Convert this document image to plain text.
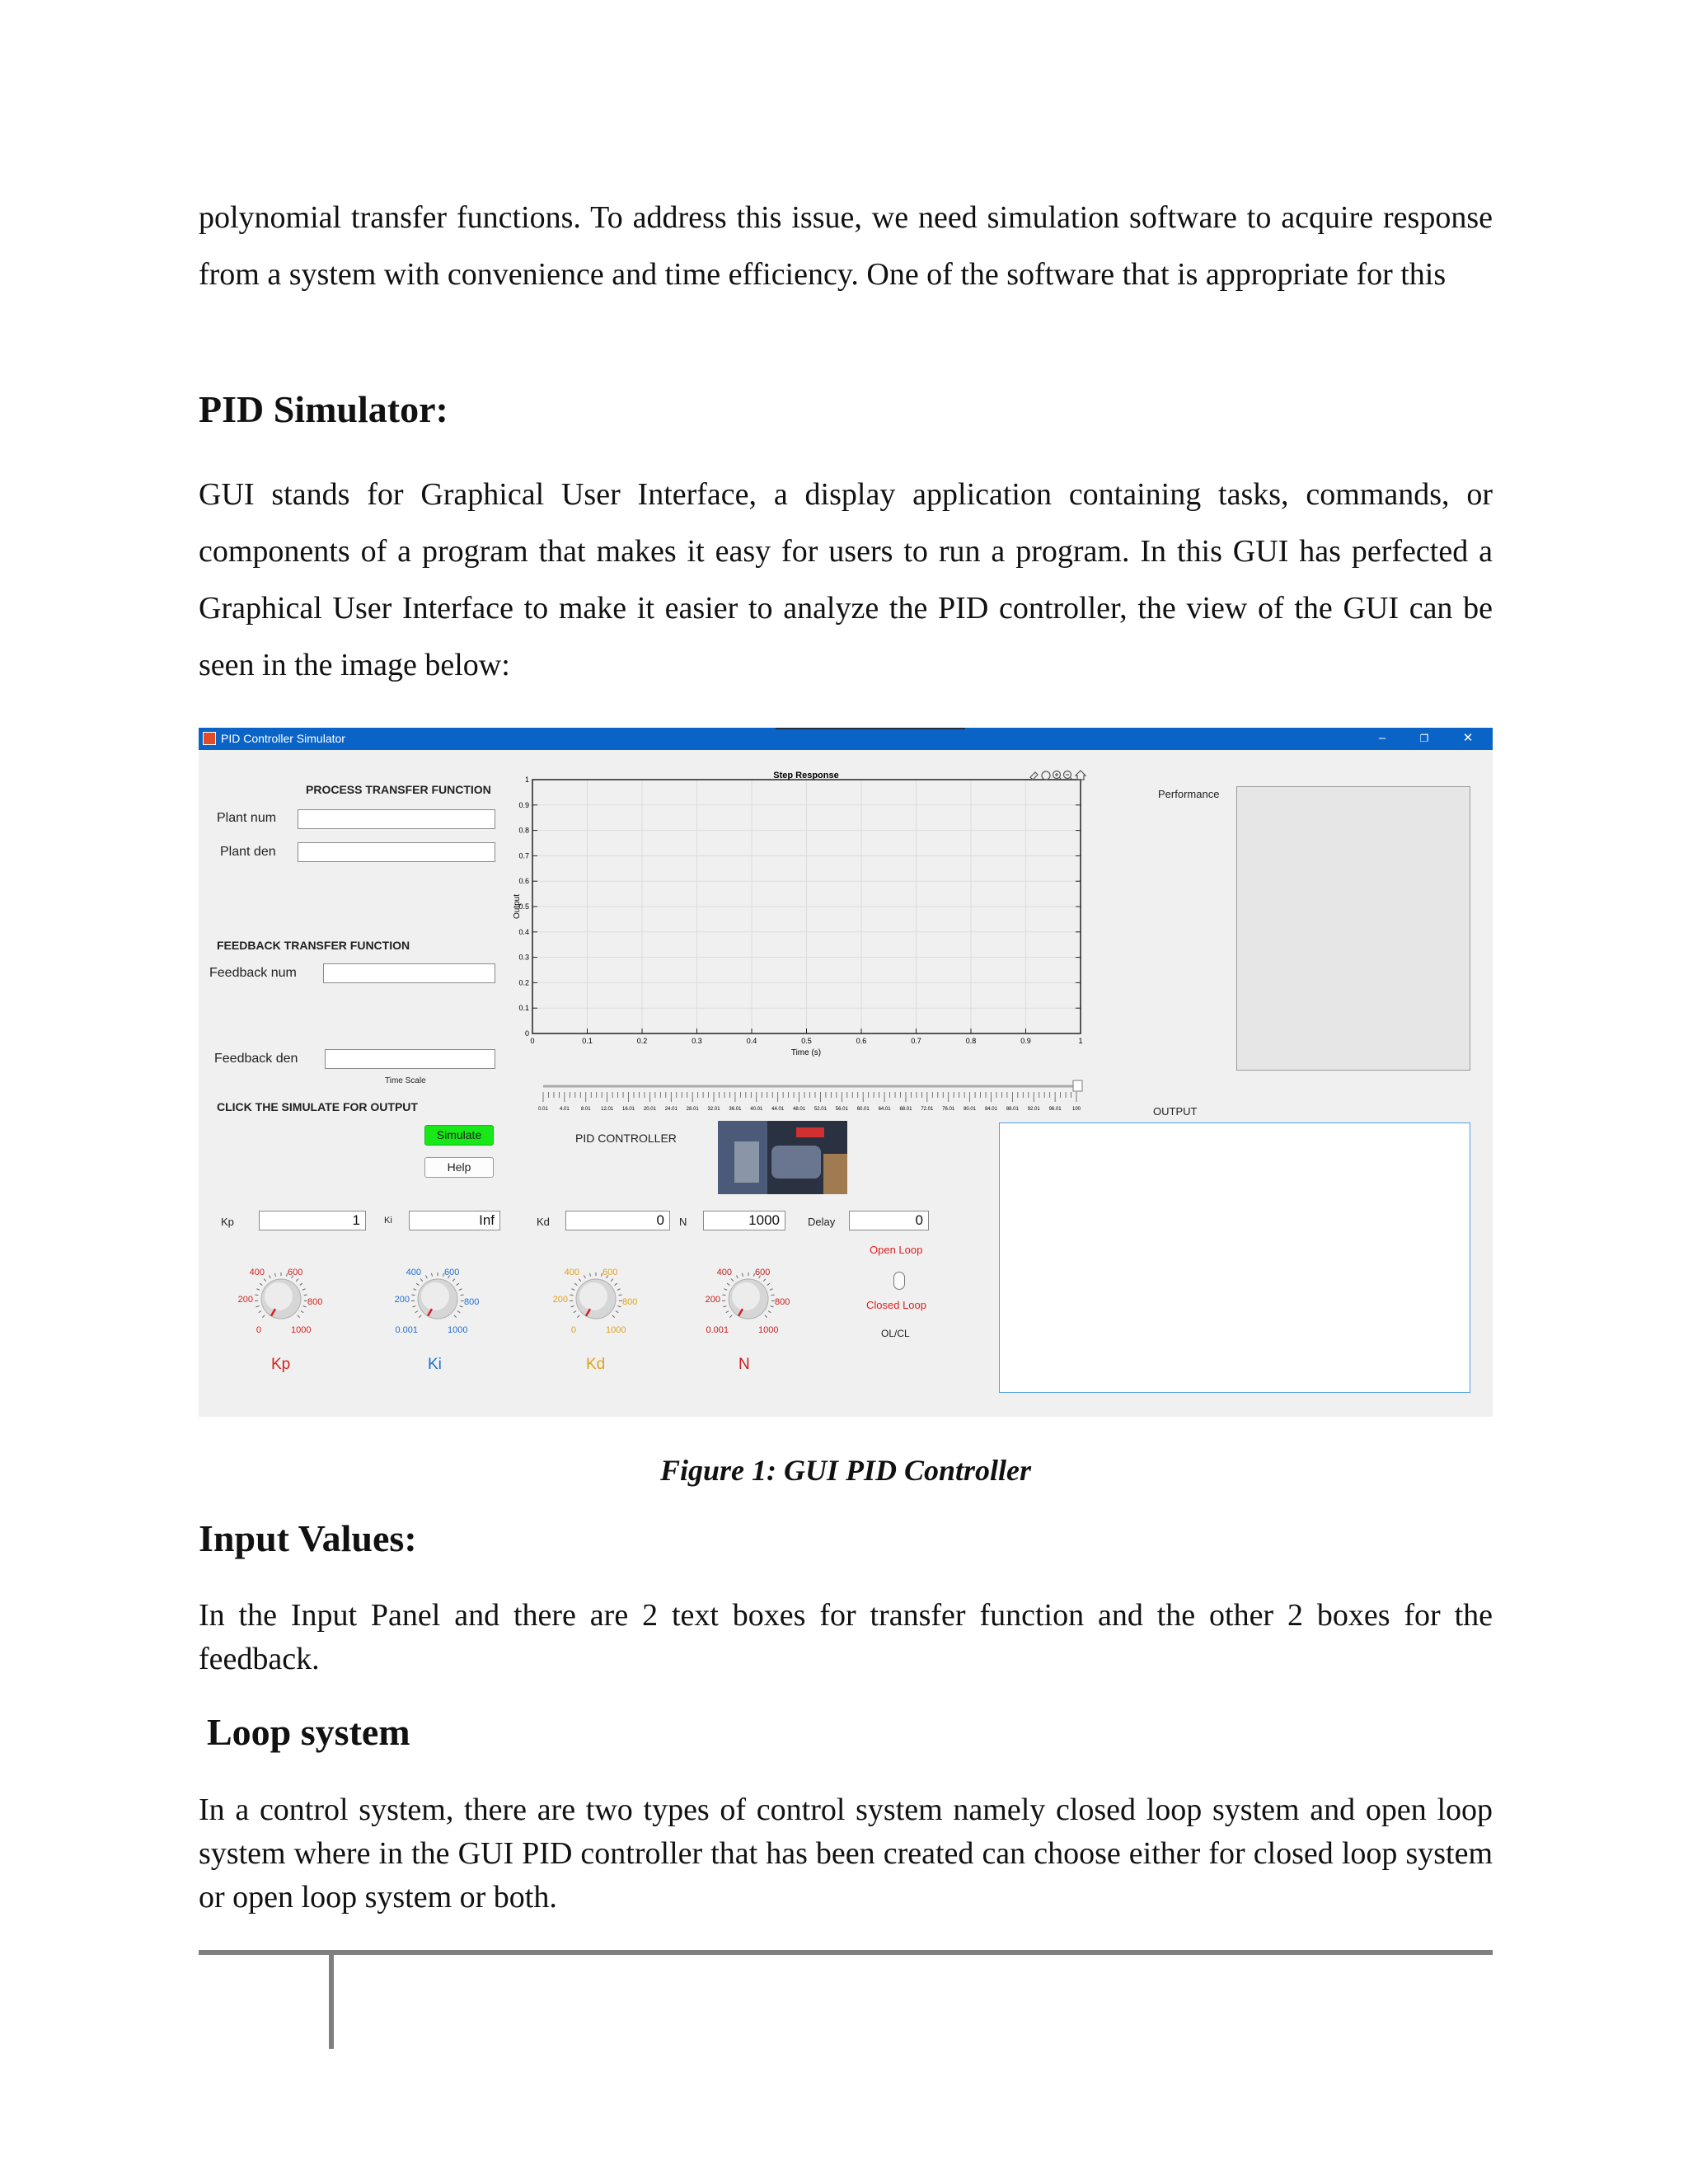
polynomial transfer functions. To address this issue, we need simulation software to acquire response from a system with convenience and time efficiency. One of the software that is appropriate for this
PID Simulator:
GUI stands for Graphical User Interface, a display application containing tasks, commands, or components of a program that makes it easy for users to run a program. In this GUI has perfected a Graphical User Interface to make it easier to analyze the PID controller, the view of the GUI can be seen in the image below:
PID Controller Simulator	–	❐	✕
PROCESS TRANSFER FUNCTION
Plant num
Plant den
FEEDBACK TRANSFER FUNCTION
Feedback num
Feedback den
CLICK THE SIMULATE FOR OUTPUT
Simulate
Help
0	0.1	0.2	0.3	0.4	0.5	0.6	0.7	0.8	0.9	1
0
0.1
0.2
0.3
0.4
0.5
0.6
0.7
0.8
0.9
1	Step Response
Time (s)
Output
Time Scale
0.01 4.01 8.01 12.01 16.01 20.01 24.01 28.01 32.01 36.01 40.01 44.01 48.01 52.01 56.01 60.01 64.01 68.01 72.01 76.01 80.01 84.01 88.01 92.01 96.01 100
Performance
OUTPUT
PID CONTROLLER
Kp	1	Ki	Inf	Kd	0	N	1000	Delay	0
Open Loop
Closed Loop
OL/CL
0
200
400	600
800
1000
Kp
0.001
200
400	600
800
1000
Ki
0
200
400	600
800
1000
Kd
0.001
200
400	600
800
1000
N
Figure 1: GUI PID Controller
Input Values:
In the Input Panel and there are 2 text boxes for transfer function and the other 2 boxes for the feedback.
Loop system
In a control system, there are two types of control system namely closed loop system and open loop system where in the GUI PID controller that has been created can choose either for closed loop system or open loop system or both.
